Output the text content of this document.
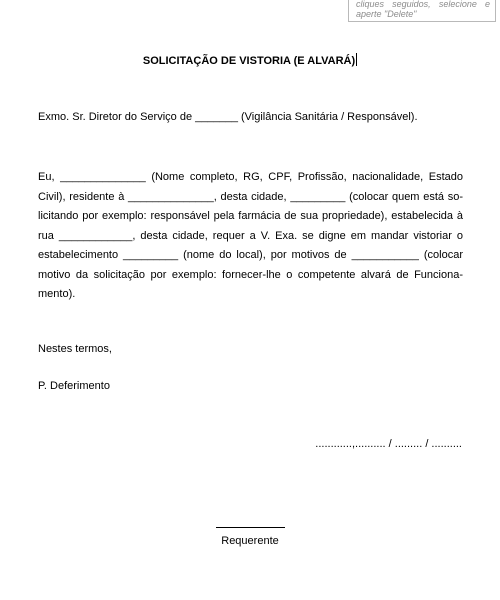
cliques seguidos, selecione e

aperte "Delete"

SOLICITAÇÃO DE VISTORIA (E ALVARÁ)
Exmo. Sr. Diretor do Serviço de _______ (Vigilância Sanitária / Responsável).
Eu, ______________ (Nome completo, RG, CPF, Profissão, nacionalidade, Estado
Civil), residente à ______________, desta cidade, _________ (colocar quem está so-
licitando por exemplo: responsável pela farmácia de sua propriedade), estabelecida à
rua ____________, desta cidade, requer a V. Exa. se digne em mandar vistoriar o
estabelecimento _________ (nome do local), por motivos de ___________ (colocar
motivo da solicitação por exemplo: fornecer-lhe o competente alvará de Funciona-
mento).
Nestes termos,
P. Deferimento
............,.......... / ......... / ..........
Requerente
